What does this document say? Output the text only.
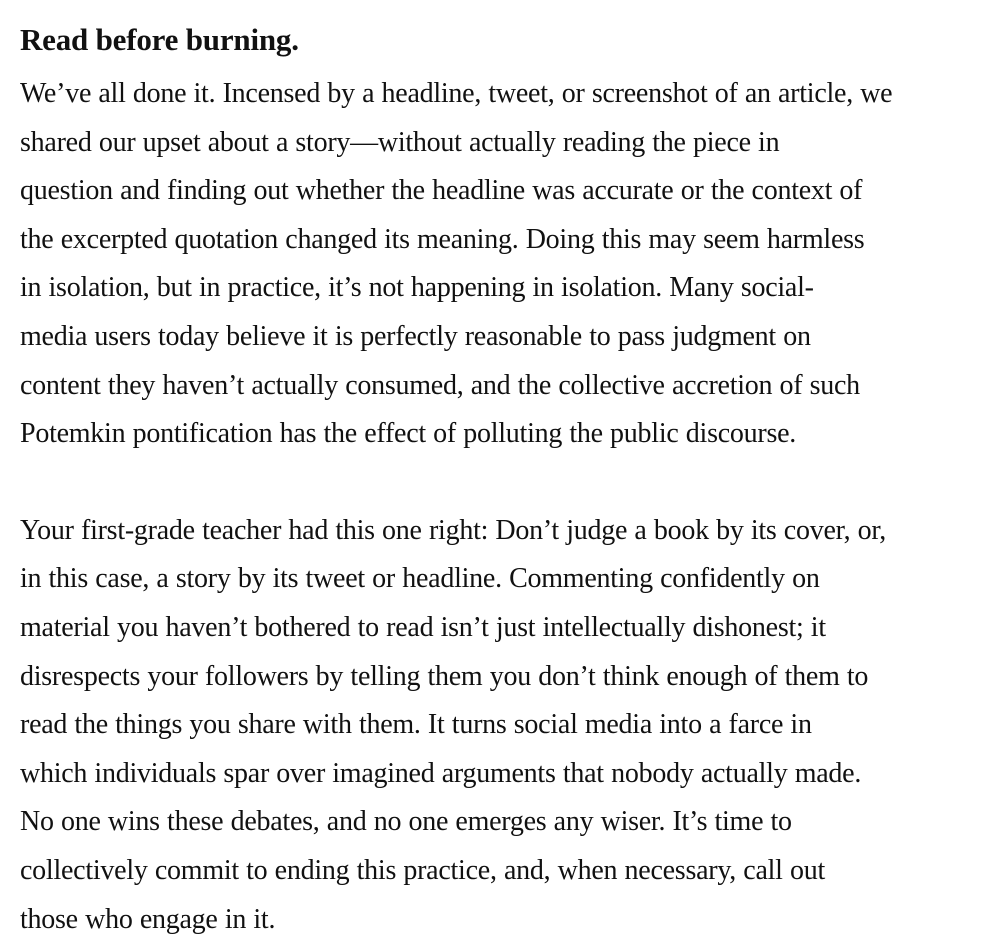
Read before burning.

We’ve all done it. Incensed by a headline, tweet, or screenshot of an article, we
shared our upset about a story—without actually reading the piece in
question and finding out whether the headline was accurate or the context of
the excerpted quotation changed its meaning. Doing this may seem harmless
in isolation, but in practice, it’s not happening in isolation. Many social-
media users today believe it is perfectly reasonable to pass judgment on
content they haven’t actually consumed, and the collective accretion of such
Potemkin pontification has the effect of polluting the public discourse.

Your first-grade teacher had this one right: Don’t judge a book by its cover, or,
in this case, a story by its tweet or headline. Commenting confidently on
material you haven’t bothered to read isn’t just intellectually dishonest; it
disrespects your followers by telling them you don’t think enough of them to
read the things you share with them. It turns social media into a farce in
which individuals spar over imagined arguments that nobody actually made.
No one wins these debates, and no one emerges any wiser. It’s time to
collectively commit to ending this practice, and, when necessary, call out
those who engage in it.
